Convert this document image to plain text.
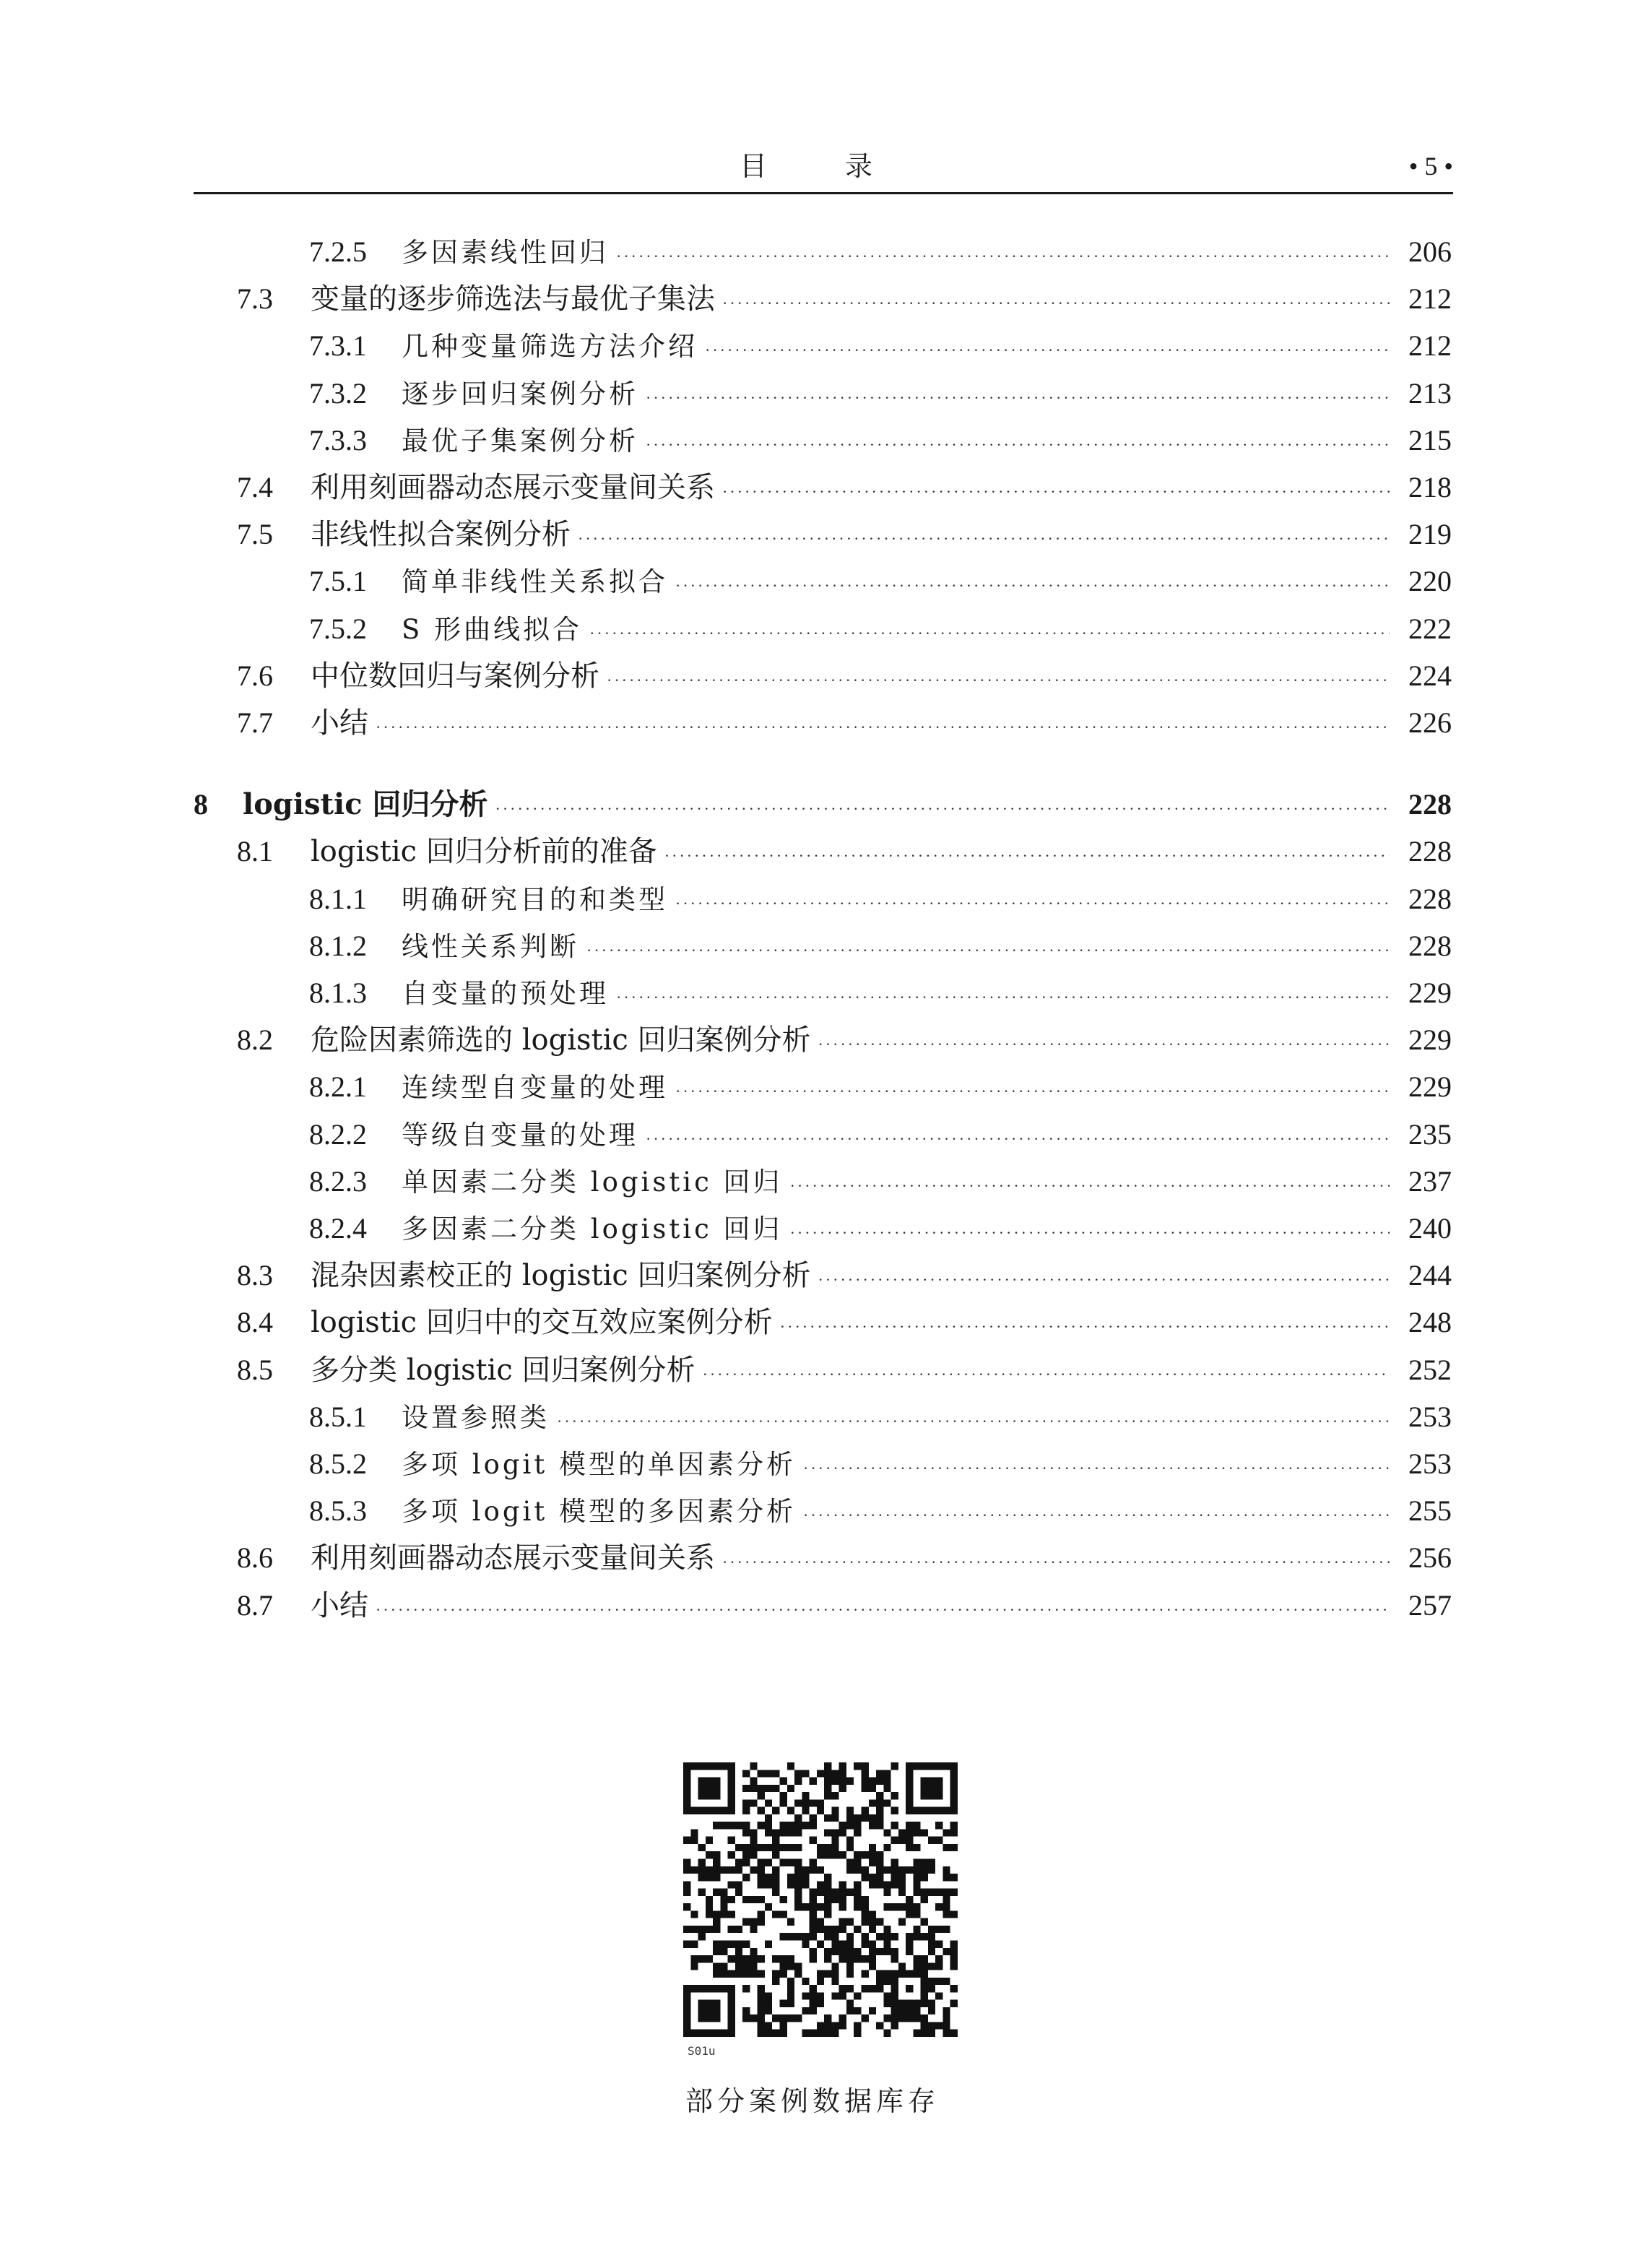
目 录	• 5 •
7.2.5 多因素线性回归 ·····	206
7.3 变量的逐步筛选法与最优子集法 ·····	212
7.3.1 几种变量筛选方法介绍 ·····	212
7.3.2 逐步回归案例分析 ·····	213
7.3.3 最优子集案例分析 ·····	215
7.4 利用刻画器动态展示变量间关系 ·····	218
7.5 非线性拟合案例分析 ·····	219
7.5.1 简单非线性关系拟合 ·····	220
7.5.2 S 形曲线拟合 ·····	222
7.6 中位数回归与案例分析 ·····	224
7.7 小结 ·····	226
8 logistic 回归分析 ·····	228
8.1 logistic 回归分析前的准备 ·····	228
8.1.1 明确研究目的和类型 ·····	228
8.1.2 线性关系判断 ·····	228
8.1.3 自变量的预处理 ·····	229
8.2 危险因素筛选的 logistic 回归案例分析 ·····	229
8.2.1 连续型自变量的处理 ·····	229
8.2.2 等级自变量的处理 ·····	235
8.2.3 单因素二分类 logistic 回归 ·····	237
8.2.4 多因素二分类 logistic 回归 ·····	240
8.3 混杂因素校正的 logistic 回归案例分析 ·····	244
8.4 logistic 回归中的交互效应案例分析 ·····	248
8.5 多分类 logistic 回归案例分析 ·····	252
8.5.1 设置参照类 ·····	253
8.5.2 多项 logit 模型的单因素分析 ·····	253
8.5.3 多项 logit 模型的多因素分析 ·····	255
8.6 利用刻画器动态展示变量间关系 ·····	256
8.7 小结 ·····	257
S01u
部分案例数据库存
